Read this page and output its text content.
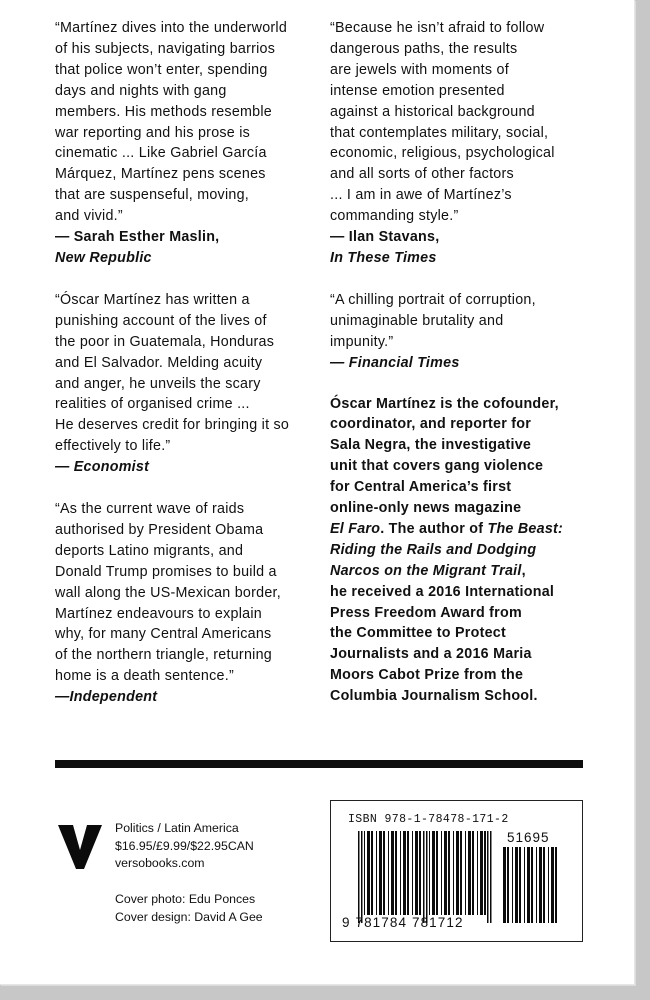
“Martínez dives into the underworld
of his subjects, navigating barrios
that police won’t enter, spending
days and nights with gang
members. His methods resemble
war reporting and his prose is
cinematic ... Like Gabriel García
Márquez, Martínez pens scenes
that are suspenseful, moving,
and vivid.”
— Sarah Esther Maslin,
New Republic
“Óscar Martínez has written a
punishing account of the lives of
the poor in Guatemala, Honduras
and El Salvador. Melding acuity
and anger, he unveils the scary
realities of organised crime ...
He deserves credit for bringing it so
effectively to life.”
— Economist
“As the current wave of raids
authorised by President Obama
deports Latino migrants, and
Donald Trump promises to build a
wall along the US-Mexican border,
Martínez endeavours to explain
why, for many Central Americans
of the northern triangle, returning
home is a death sentence.”
—Independent
“Because he isn’t afraid to follow
dangerous paths, the results
are jewels with moments of
intense emotion presented
against a historical background
that contemplates military, social,
economic, religious, psychological
and all sorts of other factors
... I am in awe of Martínez’s
commanding style.”
— Ilan Stavans,
In These Times
“A chilling portrait of corruption,
unimaginable brutality and
impunity.”
— Financial Times
Óscar Martínez is the cofounder,
coordinator, and reporter for
Sala Negra, the investigative
unit that covers gang violence
for Central America’s first
online-only news magazine
El Faro. The author of The Beast:
Riding the Rails and Dodging
Narcos on the Migrant Trail,
he received a 2016 International
Press Freedom Award from
the Committee to Protect
Journalists and a 2016 Maria
Moors Cabot Prize from the
Columbia Journalism School.
Politics / Latin America
$16.95/£9.99/$22.95CAN
versobooks.com
Cover photo: Edu Ponces
Cover design: David A Gee
ISBN 978-1-78478-171-2
51695
9 781784 781712
